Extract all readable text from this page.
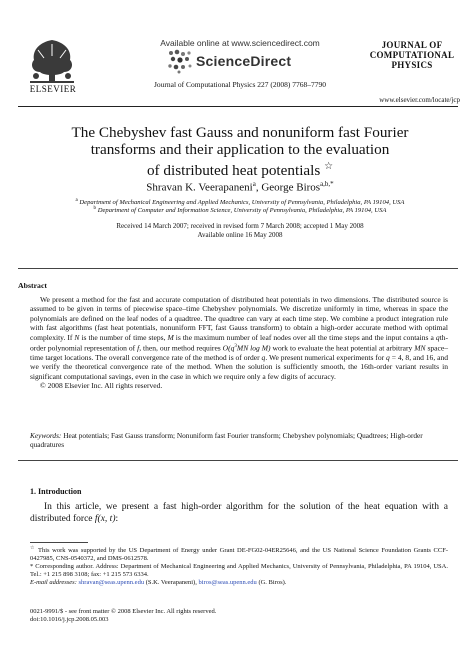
ELSEVIER
Available online at www.sciencedirect.com
ScienceDirect
Journal of Computational Physics 227 (2008) 7768–7790
JOURNAL OF
COMPUTATIONAL
PHYSICS
www.elsevier.com/locate/jcp
The Chebyshev fast Gauss and nonuniform fast Fourier
transforms and their application to the evaluation
of distributed heat potentials ☆
Shravan K. Veerapaneni$^a$, George Biros$^{a,b,*}$
$^a$ Department of Mechanical Engineering and Applied Mechanics, University of Pennsylvania, Philadelphia, PA 19104, USA
$^b$ Department of Computer and Information Science, University of Pennsylvania, Philadelphia, PA 19104, USA
Received 14 March 2007; received in revised form 7 March 2008; accepted 1 May 2008
Available online 16 May 2008
Abstract

We present a method for the fast and accurate computation of distributed heat potentials in two dimensions. The distributed source is assumed to be given in terms of piecewise space–time Chebyshev polynomials. We discretize uniformly in time, whereas in space the polynomials are defined on the leaf nodes of a quadtree. The quadtree can vary at each time step. We combine a product integration rule with fast algorithms (fast heat potentials, nonuniform FFT, fast Gauss transform) to obtain a high-order accurate method with optimal complexity. If N is the number of time steps, M is the maximum number of leaf nodes over all the time steps and the input contains a qth-order polynomial representation of f, then, our method requires $O(q^3MN$ log M) work to evaluate the heat potential at arbitrary MN space–time target locations. The overall convergence rate of the method is of order q. We present numerical experiments for q = 4, 8, and 16, and we verify the theoretical convergence rate of the method. When the solution is sufficiently smooth, the 16th-order variant results in significant computational savings, even in the case in which we require only a few digits of accuracy.

© 2008 Elsevier Inc. All rights reserved.

Keywords: Heat potentials; Fast Gauss transform; Nonuniform fast Fourier transform; Chebyshev polynomials; Quadtrees; High-order quadratures
1. Introduction

In this article, we present a fast high-order algorithm for the solution of the heat equation with a distributed force f(x, t):

☆ This work was supported by the US Department of Energy under Grant DE-FG02-04ER25646, and the US National Science Foundation Grants CCF-0427985, CNS-0540372, and DMS-0612578.

* Corresponding author. Address: Department of Mechanical Engineering and Applied Mechanics, University of Pennsylvania, Philadelphia, PA 19104, USA. Tel.: +1 215 898 3108; fax: +1 215 573 6334.

E-mail addresses: shravan@seas.upenn.edu (S.K. Veerapaneni), biros@seas.upenn.edu (G. Biros).

0021-9991/$ - see front matter © 2008 Elsevier Inc. All rights reserved.
doi:10.1016/j.jcp.2008.05.003
